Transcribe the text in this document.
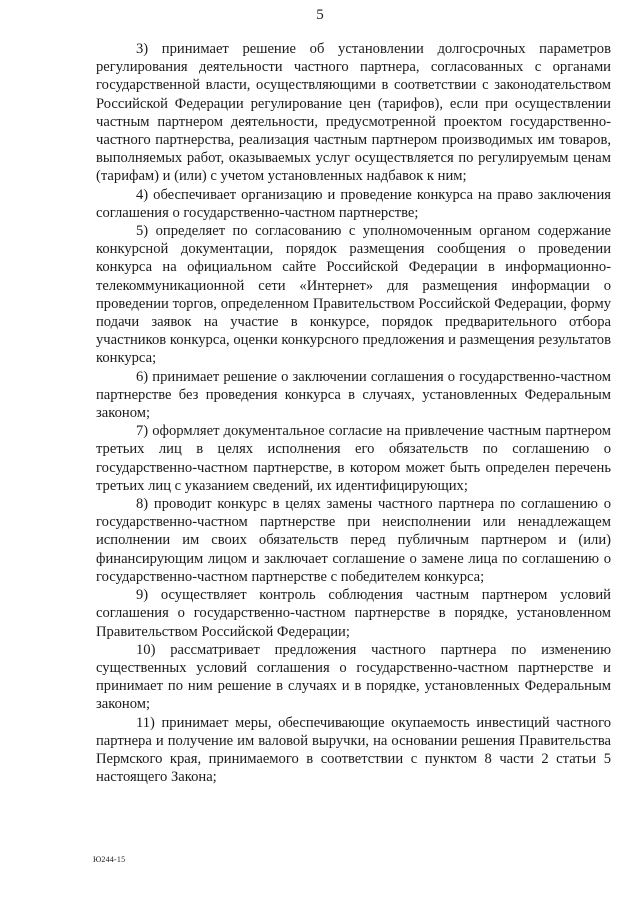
5

3) принимает решение об установлении долгосрочных параметров регулирования деятельности частного партнера, согласованных с органами государственной власти, осуществляющими в соответствии с законодательством Российской Федерации регулирование цен (тарифов), если при осуществлении частным партнером деятельности, предусмотренной проектом государственно-частного партнерства, реализация частным партнером производимых им товаров, выполняемых работ, оказываемых услуг осуществляется по регулируемым ценам (тарифам) и (или) с учетом установленных надбавок к ним;

4) обеспечивает организацию и проведение конкурса на право заключения соглашения о государственно-частном партнерстве;

5) определяет по согласованию с уполномоченным органом содержание конкурсной документации, порядок размещения сообщения о проведении конкурса на официальном сайте Российской Федерации в информационно-телекоммуникационной сети «Интернет» для размещения информации о проведении торгов, определенном Правительством Российской Федерации, форму подачи заявок на участие в конкурсе, порядок предварительного отбора участников конкурса, оценки конкурсного предложения и размещения результатов конкурса;

6) принимает решение о заключении соглашения о государственно-частном партнерстве без проведения конкурса в случаях, установленных Федеральным законом;

7) оформляет документальное согласие на привлечение частным партнером третьих лиц в целях исполнения его обязательств по соглашению о государственно-частном партнерстве, в котором может быть определен перечень третьих лиц с указанием сведений, их идентифицирующих;

8) проводит конкурс в целях замены частного партнера по соглашению о государственно-частном партнерстве при неисполнении или ненадлежащем исполнении им своих обязательств перед публичным партнером и (или) финансирующим лицом и заключает соглашение о замене лица по соглашению о государственно-частном партнерстве с победителем конкурса;

9) осуществляет контроль соблюдения частным партнером условий соглашения о государственно-частном партнерстве в порядке, установленном Правительством Российской Федерации;

10) рассматривает предложения частного партнера по изменению существенных условий соглашения о государственно-частном партнерстве и принимает по ним решение в случаях и в порядке, установленных Федеральным законом;

11) принимает меры, обеспечивающие окупаемость инвестиций частного партнера и получение им валовой выручки, на основании решения Правительства Пермского края, принимаемого в соответствии с пунктом 8 части 2 статьи 5 настоящего Закона;

Ю244-15
